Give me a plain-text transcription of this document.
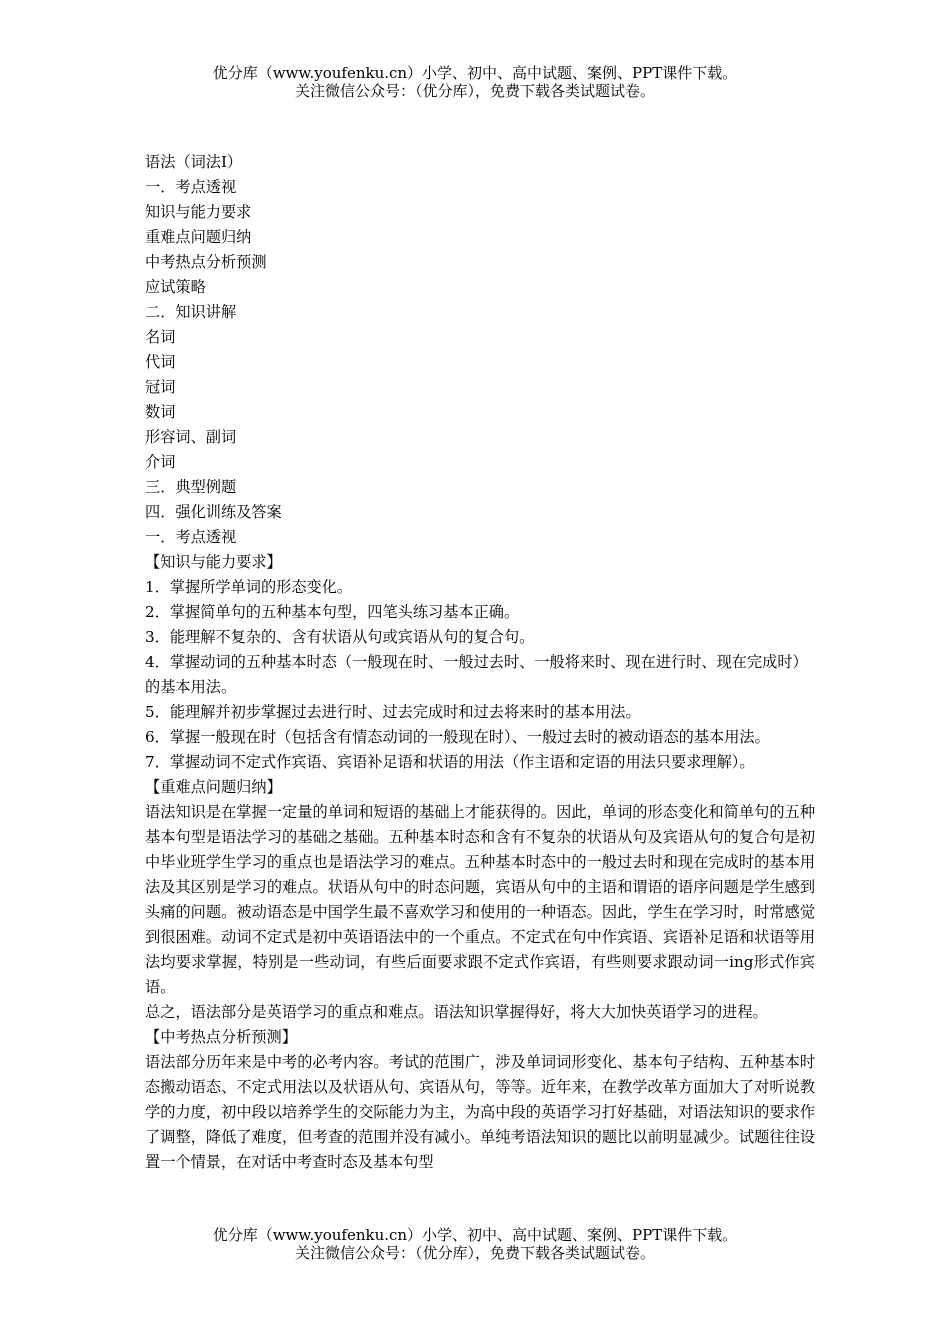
优分库（www.youfenku.cn）小学、初中、高中试题、案例、PPT课件下载。
关注微信公众号：（优分库），免费下载各类试题试卷。
语法（词法Ⅰ）
一．考点透视
知识与能力要求
重难点问题归纳
中考热点分析预测
应试策略
二．知识讲解
名词
代词
冠词
数词
形容词、副词
介词
三．典型例题
四．强化训练及答案
一．考点透视
【知识与能力要求】
1．掌握所学单词的形态变化。
2．掌握简单句的五种基本句型，四笔头练习基本正确。
3．能理解不复杂的、含有状语从句或宾语从句的复合句。
4．掌握动词的五种基本时态（一般现在时、一般过去时、一般将来时、现在进行时、现在完成时）的基本用法。
5．能理解并初步掌握过去进行时、过去完成时和过去将来时的基本用法。
6．掌握一般现在时（包括含有情态动词的一般现在时）、一般过去时的被动语态的基本用法。
7．掌握动词不定式作宾语、宾语补足语和状语的用法（作主语和定语的用法只要求理解）。
【重难点问题归纳】
语法知识是在掌握一定量的单词和短语的基础上才能获得的。因此，单词的形态变化和简单句的五种基本句型是语法学习的基础之基础。五种基本时态和含有不复杂的状语从句及宾语从句的复合句是初中毕业班学生学习的重点也是语法学习的难点。五种基本时态中的一般过去时和现在完成时的基本用法及其区别是学习的难点。状语从句中的时态问题，宾语从句中的主语和谓语的语序问题是学生感到头痛的问题。被动语态是中国学生最不喜欢学习和使用的一种语态。因此，学生在学习时，时常感觉到很困难。动词不定式是初中英语语法中的一个重点。不定式在句中作宾语、宾语补足语和状语等用法均要求掌握，特别是一些动词，有些后面要求跟不定式作宾语，有些则要求跟动词一ing形式作宾语。
总之，语法部分是英语学习的重点和难点。语法知识掌握得好，将大大加快英语学习的进程。
【中考热点分析预测】
语法部分历年来是中考的必考内容。考试的范围广，涉及单词词形变化、基本句子结构、五种基本时态搬动语态、不定式用法以及状语从句、宾语从句，等等。近年来，在教学改革方面加大了对听说教学的力度，初中段以培养学生的交际能力为主，为高中段的英语学习打好基础，对语法知识的要求作了调整，降低了难度，但考查的范围并没有减小。单纯考语法知识的题比以前明显减少。试题往往设置一个情景，在对话中考查时态及基本句型
优分库（www.youfenku.cn）小学、初中、高中试题、案例、PPT课件下载。
关注微信公众号：（优分库），免费下载各类试题试卷。
